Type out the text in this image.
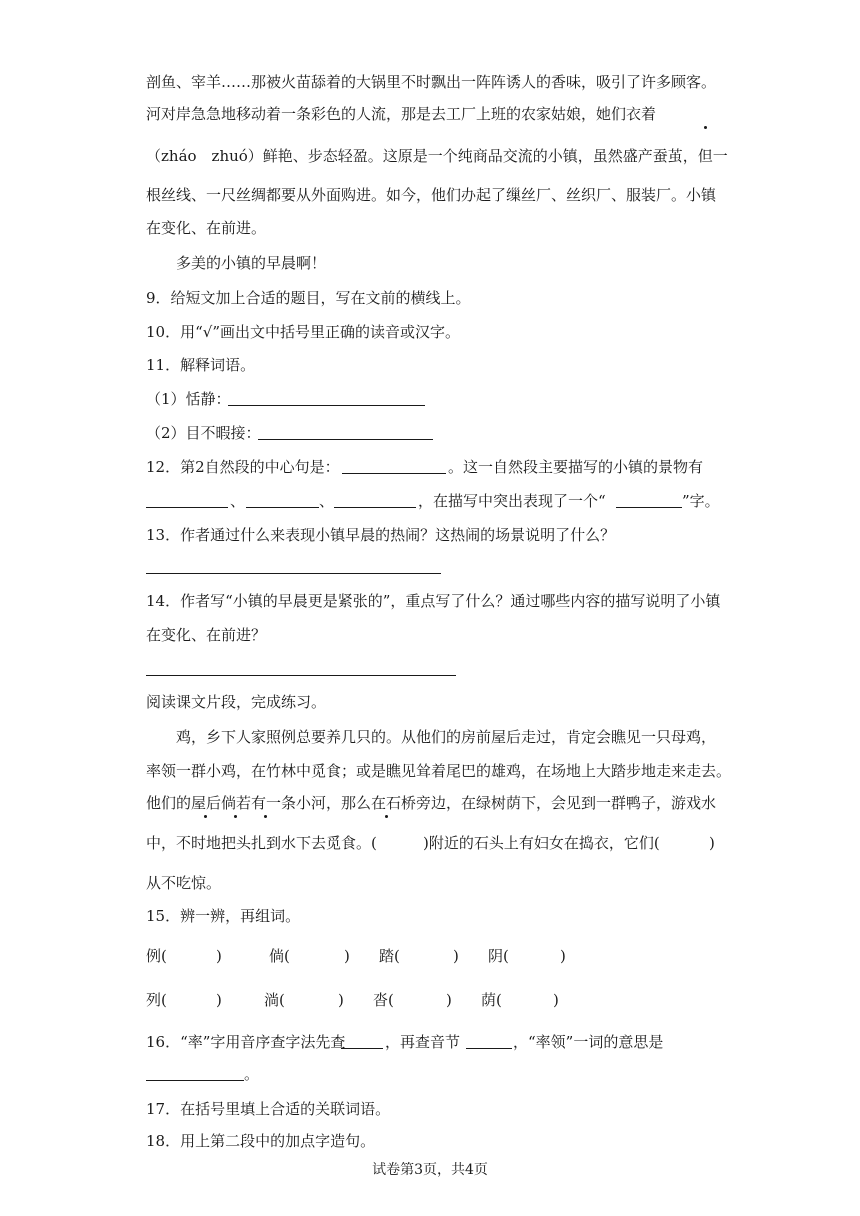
剖鱼、宰羊……那被火苗舔着的大锅里不时飘出一阵阵诱人的香味，吸引了许多顾客。
河对岸急急地移动着一条彩色的人流，那是去工厂上班的农家姑娘，她们衣着
（zháo　zhuó）鲜艳、步态轻盈。这原是一个纯商品交流的小镇，虽然盛产蚕茧，但一
根丝线、一尺丝绸都要从外面购进。如今，他们办起了缫丝厂、丝织厂、服装厂。小镇
在变化、在前进。
多美的小镇的早晨啊！
9．给短文加上合适的题目，写在文前的横线上。
10．用“√”画出文中括号里正确的读音或汉字。
11．解释词语。
（1）恬静：
（2）目不暇接：
12．第2自然段的中心句是：	。这一自然段主要描写的小镇的景物有
、	、	，在描写中突出表现了一个“	”字。
13．作者通过什么来表现小镇早晨的热闹？这热闹的场景说明了什么？
14．作者写“小镇的早晨更是紧张的”，重点写了什么？通过哪些内容的描写说明了小镇
在变化、在前进？
阅读课文片段，完成练习。
鸡，乡下人家照例总要养几只的。从他们的房前屋后走过，肯定会瞧见一只母鸡，
率领一群小鸡，在竹林中觅食；或是瞧见耸着尾巴的雄鸡，在场地上大踏步地走来走去。
他们的屋后倘若有一条小河，那么在石桥旁边，在绿树荫下，会见到一群鸭子，游戏水
中，不时地把头扎到水下去觅食。(	)附近的石头上有妇女在捣衣，它们(	)
从不吃惊。
15．辨一辨，再组词。
例(	)	倘(	) 踏(	) 阴(	)
列(	)	淌(	) 沓(	) 荫(	)
16．“率”字用音序查字法先查	，再查音节	，“率领”一词的意思是
。
17．在括号里填上合适的关联词语。
18．用上第二段中的加点字造句。
试卷第3页，共4页
